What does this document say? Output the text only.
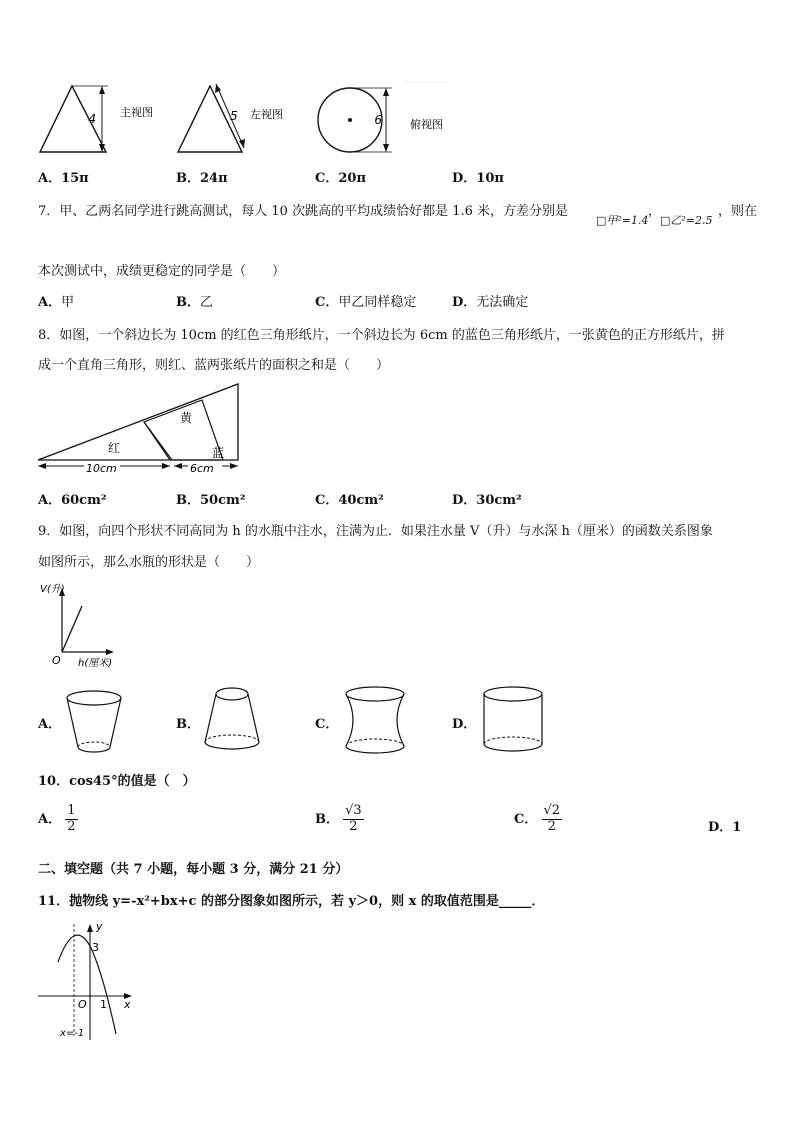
4 主视图	5 左视图	6	俯视图
A．15π	B．24π	C．20π	D．10π
7．甲、乙两名同学进行跳高测试，每人 10 次跳高的平均成绩恰好都是 1.6 米，方差分别是
□甲²=1.4
，
□乙²=2.5
，则在
本次测试中，成绩更稳定的同学是（　　）
A．甲	B．乙	C．甲乙同样稳定	D．无法确定
8．如图，一个斜边长为 10cm 的红色三角形纸片，一个斜边长为 6cm 的蓝色三角形纸片，一张黄色的正方形纸片，拼
成一个直角三角形，则红、蓝两张纸片的面积之和是（　　）
黄
红	蓝
10cm	6cm
A．60cm²	B．50cm²	C．40cm²	D．30cm²
9．如图，向四个形状不同高同为 h 的水瓶中注水，注满为止．如果注水量 V（升）与水深 h（厘米）的函数关系图象
如图所示，那么水瓶的形状是（　　）
V(升)
O h(厘米)
A．	B．	C．	D．
10．cos45°的值是（　）
A． $\frac{1}{2}$	B． $\frac{√3}{2}$	C． $\frac{√2}{2}$	D．1
二、填空题（共 7 小题，每小题 3 分，满分 21 分）
11．抛物线 y=-x²+bx+c 的部分图象如图所示，若 y＞0，则 x 的取值范围是_____．
y
3
O 1 x
x=-1
